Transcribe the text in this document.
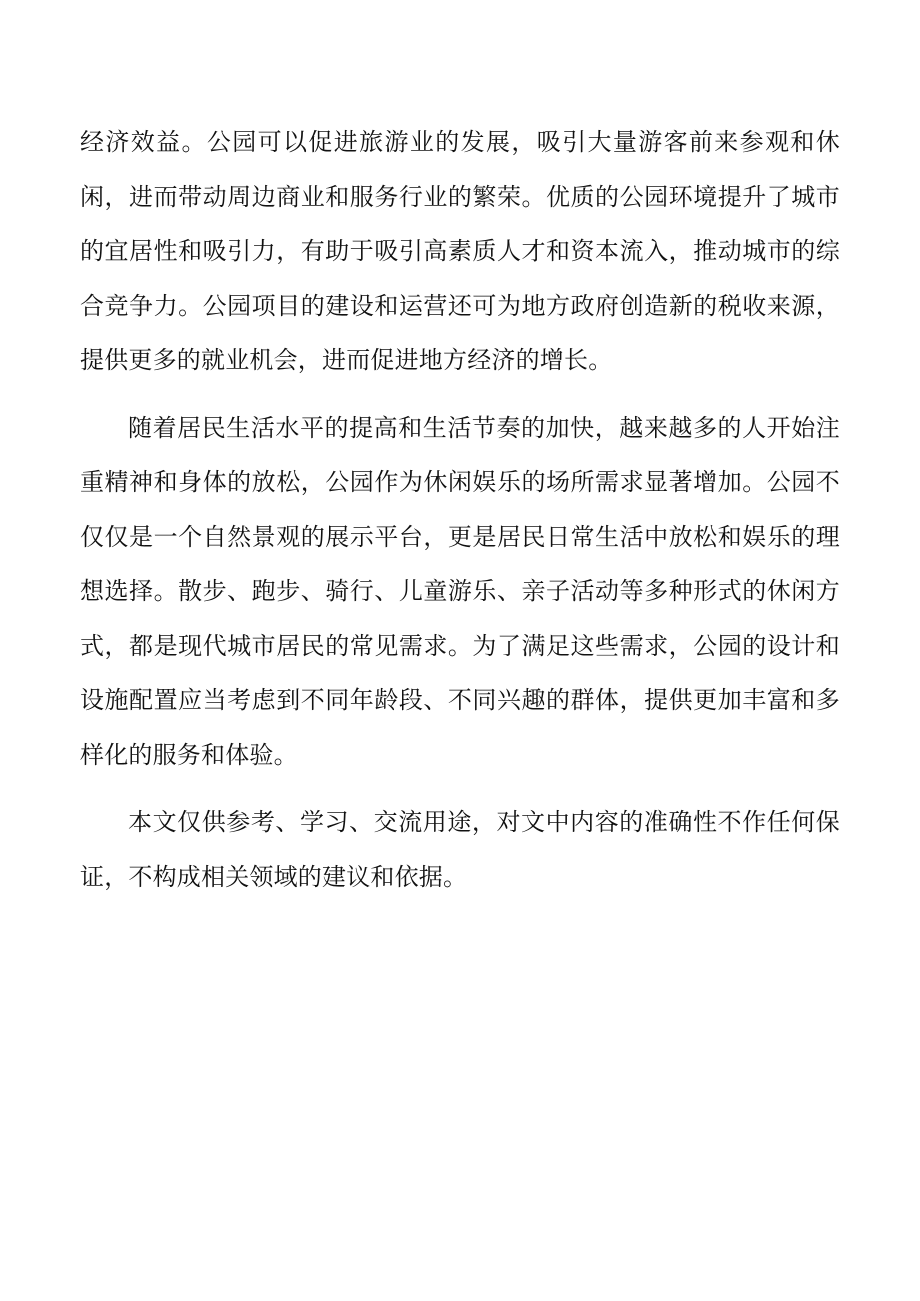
经济效益。公园可以促进旅游业的发展，吸引大量游客前来参观和休闲，进而带动周边商业和服务行业的繁荣。优质的公园环境提升了城市的宜居性和吸引力，有助于吸引高素质人才和资本流入，推动城市的综合竞争力。公园项目的建设和运营还可为地方政府创造新的税收来源，提供更多的就业机会，进而促进地方经济的增长。

随着居民生活水平的提高和生活节奏的加快，越来越多的人开始注重精神和身体的放松，公园作为休闲娱乐的场所需求显著增加。公园不仅仅是一个自然景观的展示平台，更是居民日常生活中放松和娱乐的理想选择。散步、跑步、骑行、儿童游乐、亲子活动等多种形式的休闲方式，都是现代城市居民的常见需求。为了满足这些需求，公园的设计和设施配置应当考虑到不同年龄段、不同兴趣的群体，提供更加丰富和多样化的服务和体验。

本文仅供参考、学习、交流用途，对文中内容的准确性不作任何保证，不构成相关领域的建议和依据。
